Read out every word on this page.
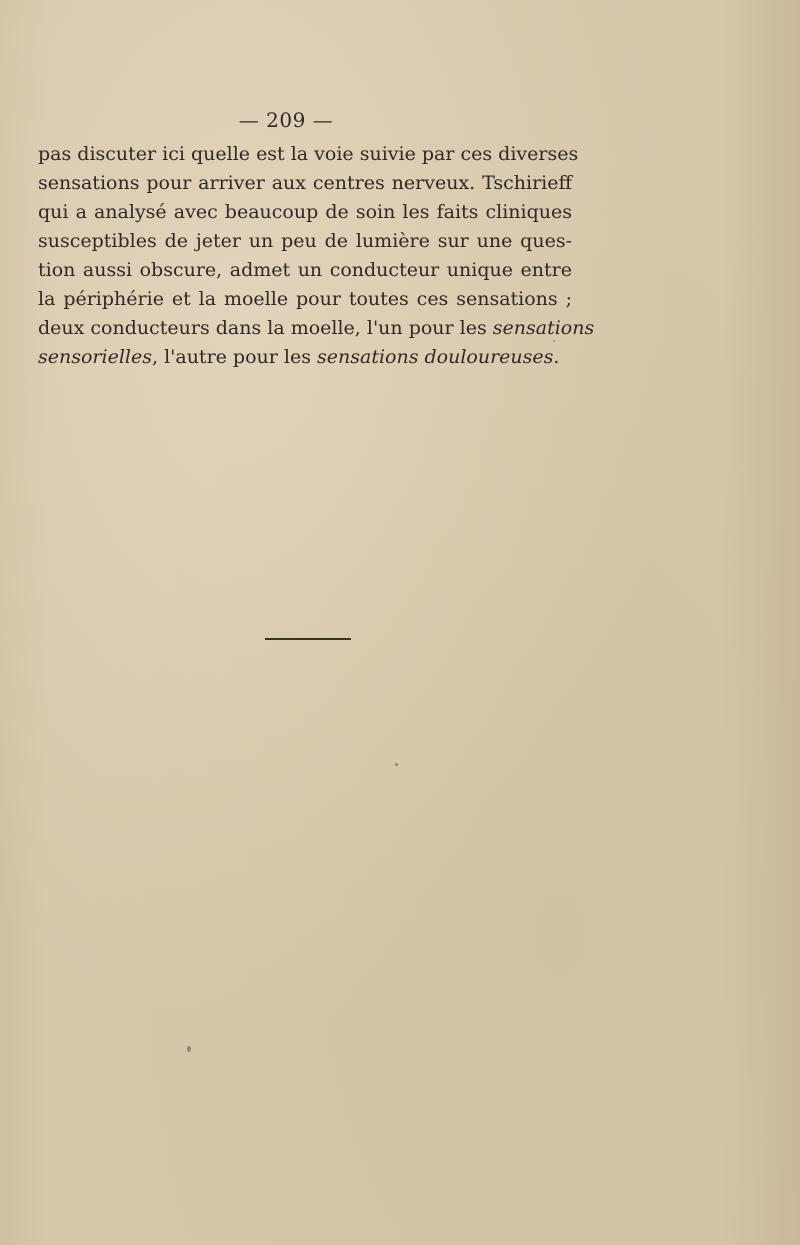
— 209 —
pas discuter ici quelle est la voie suivie par ces diverses
sensations pour arriver aux centres nerveux. Tschirieff
qui a analysé avec beaucoup de soin les faits cliniques
susceptibles de jeter un peu de lumière sur une ques-
tion aussi obscure, admet un conducteur unique entre
la périphérie et la moelle pour toutes ces sensations ;
deux conducteurs dans la moelle, l'un pour les sensations
sensorielles, l'autre pour les sensations douloureuses.
